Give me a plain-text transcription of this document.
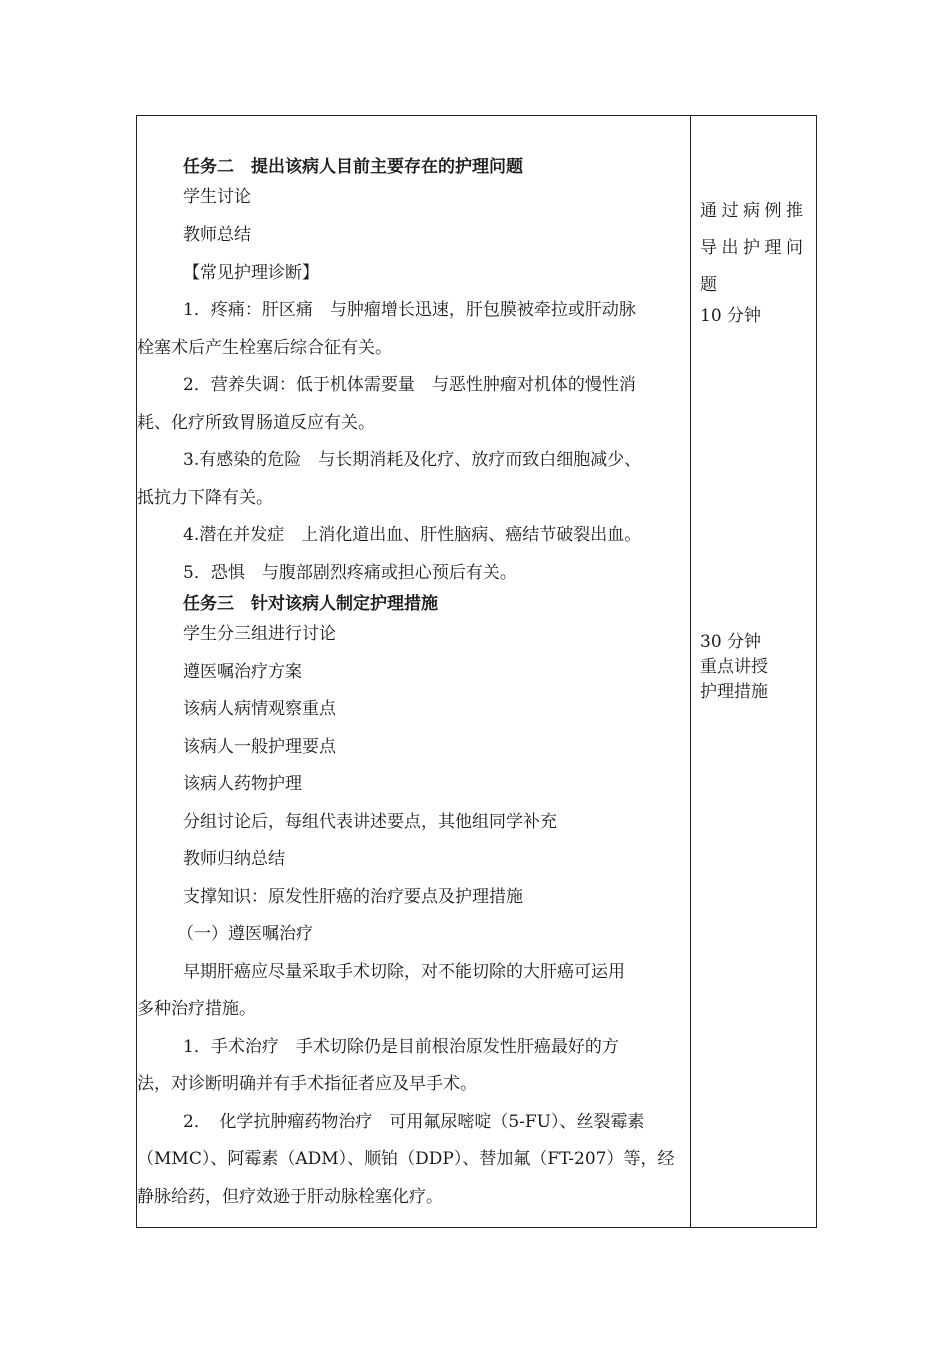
任务二　提出该病人目前主要存在的护理问题
学生讨论
教师总结
【常见护理诊断】
1．疼痛：肝区痛　与肿瘤增长迅速，肝包膜被牵拉或肝动脉
栓塞术后产生栓塞后综合征有关。
2．营养失调：低于机体需要量　与恶性肿瘤对机体的慢性消
耗、化疗所致胃肠道反应有关。
3.有感染的危险　与长期消耗及化疗、放疗而致白细胞减少、
抵抗力下降有关。
4.潜在并发症　上消化道出血、肝性脑病、癌结节破裂出血。
5．恐惧　与腹部剧烈疼痛或担心预后有关。
任务三　针对该病人制定护理措施
学生分三组进行讨论
遵医嘱治疗方案
该病人病情观察重点
该病人一般护理要点
该病人药物护理
分组讨论后，每组代表讲述要点，其他组同学补充
教师归纳总结
支撑知识：原发性肝癌的治疗要点及护理措施
（一）遵医嘱治疗
早期肝癌应尽量采取手术切除，对不能切除的大肝癌可运用
多种治疗措施。
1．手术治疗　手术切除仍是目前根治原发性肝癌最好的方
法，对诊断明确并有手术指征者应及早手术。
2．　化学抗肿瘤药物治疗　可用氟尿嘧啶（5-FU）、丝裂霉素
（MMC）、阿霉素（ADM）、顺铂（DDP）、替加氟（FT-207）等，经
静脉给药，但疗效逊于肝动脉栓塞化疗。
通过病例推
导出护理问
题
10 分钟
30 分钟
重点讲授
护理措施
